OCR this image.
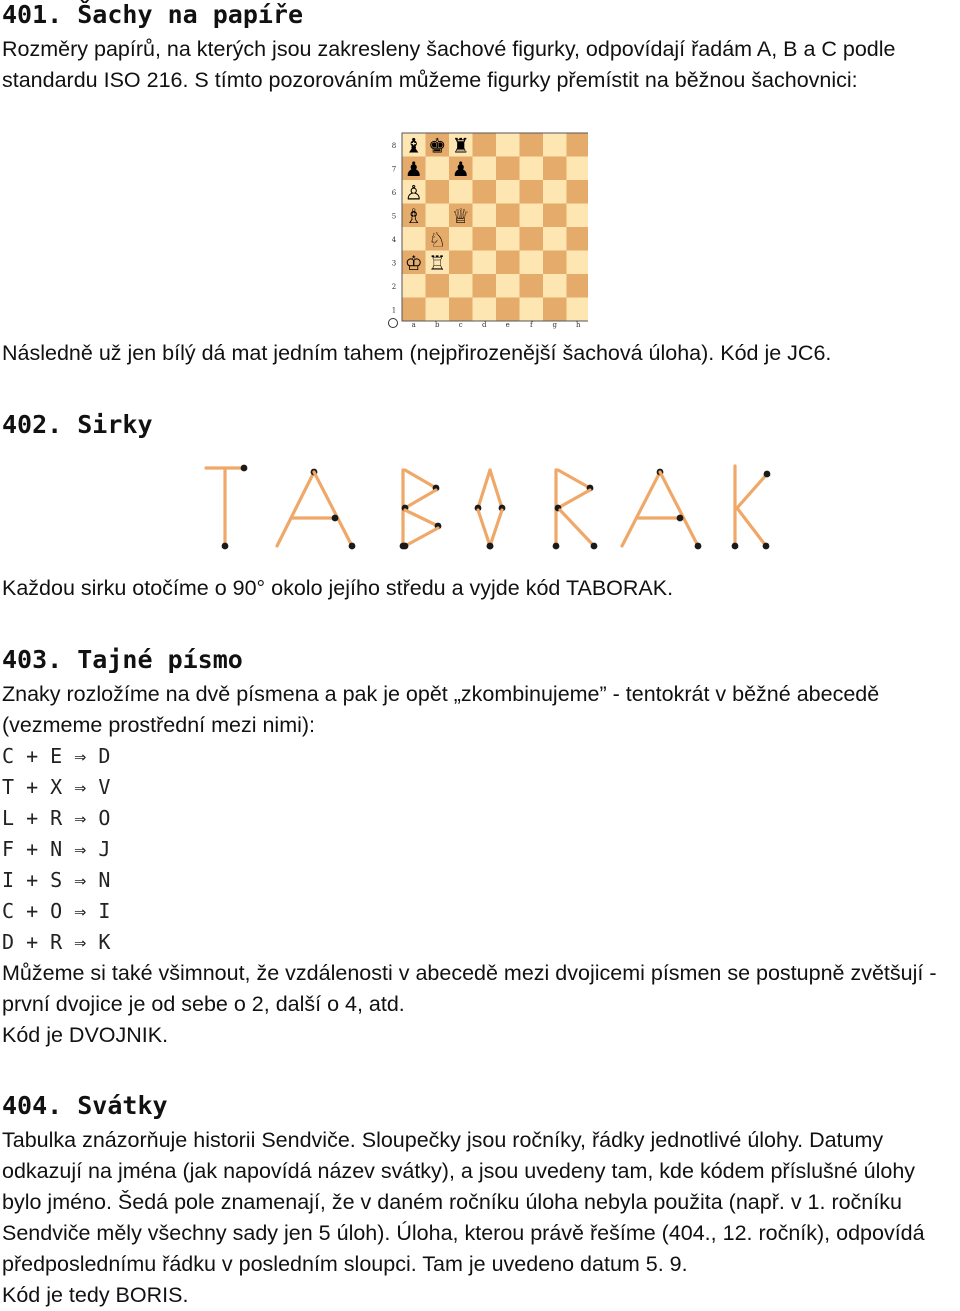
401. Šachy na papíře

Rozměry papírů, na kterých jsou zakresleny šachové figurky, odpovídají řadám A, B a C podle standardu ISO 216. S tímto pozorováním můžeme figurky přemístit na běžnou šachovnici:

8
7
6
5
4
3
2
1
a	b	c	d	e	f	g	h
♝ ♚ ♜
♟ ♟
♙
♗ ♕
♘
♔ ♖

Následně už jen bílý dá mat jedním tahem (nejpřirozenější šachová úloha). Kód je JC6.

402. Sirky

Každou sirku otočíme o 90° okolo jejího středu a vyjde kód TABORAK.

403. Tajné písmo

Znaky rozložíme na dvě písmena a pak je opět „zkombinujeme” - tentokrát v běžné abecedě (vezmeme prostřední mezi nimi):

C + E ⇒ D

T + X ⇒ V

L + R ⇒ O

F + N ⇒ J

I + S ⇒ N

C + O ⇒ I

D + R ⇒ K

Můžeme si také všimnout, že vzdálenosti v abecedě mezi dvojicemi písmen se postupně zvětšují - první dvojice je od sebe o 2, další o 4, atd.

Kód je DVOJNIK.

404. Svátky

Tabulka znázorňuje historii Sendviče. Sloupečky jsou ročníky, řádky jednotlivé úlohy. Datumy odkazují na jména (jak napovídá název svátky), a jsou uvedeny tam, kde kódem příslušné úlohy bylo jméno. Šedá pole znamenají, že v daném ročníku úloha nebyla použita (např. v 1. ročníku Sendviče měly všechny sady jen 5 úloh). Úloha, kterou právě řešíme (404., 12. ročník), odpovídá předposlednímu řádku v posledním sloupci. Tam je uvedeno datum 5. 9.

Kód je tedy BORIS.
